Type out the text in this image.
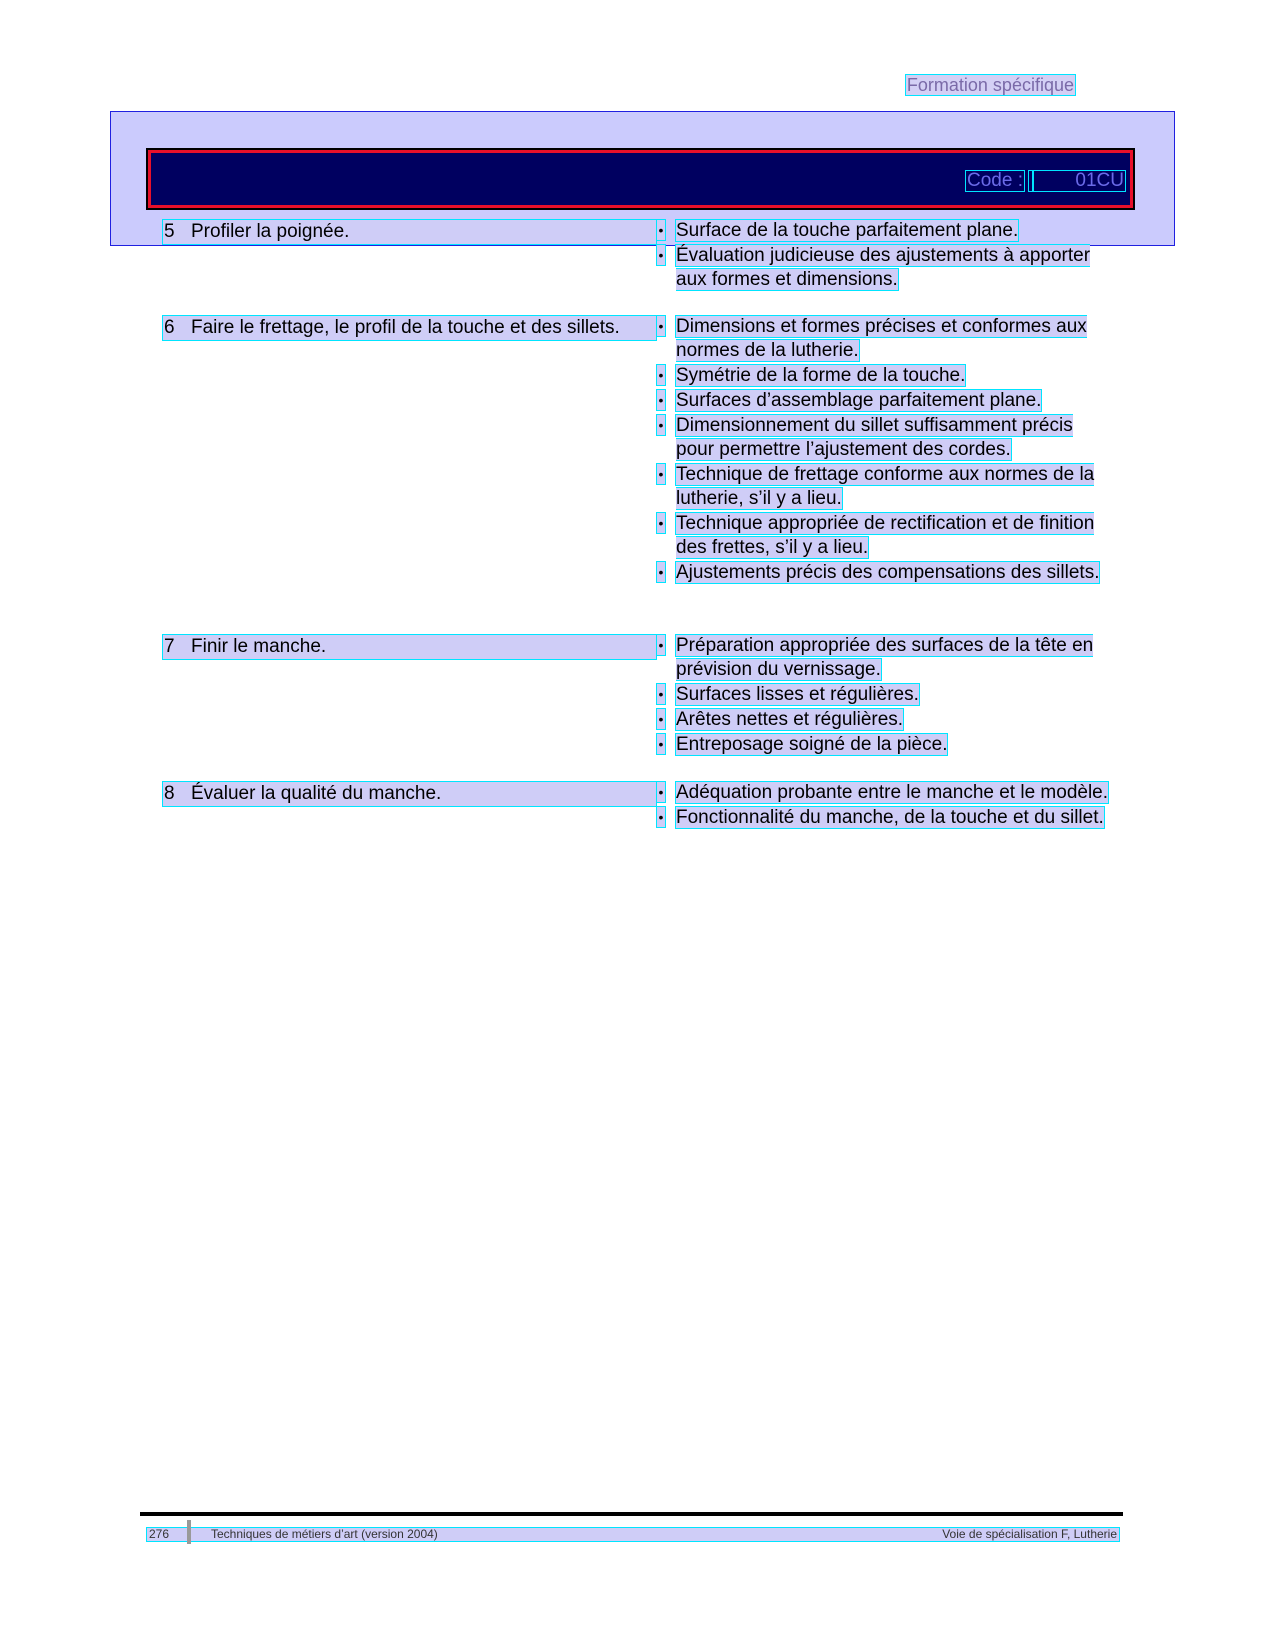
Formation spécifique
Code :	01CU
5 Profiler la poignée.	• Surface de la touche parfaitement plane.
• Évaluation judicieuse des ajustements à apporter aux formes et dimensions.
6 Faire le frettage, le profil de la touche et des sillets.	• Dimensions et formes précises et conformes aux normes de la lutherie.
• Symétrie de la forme de la touche.
• Surfaces d’assemblage parfaitement plane.
• Dimensionnement du sillet suffisamment précis pour permettre l’ajustement des cordes.
• Technique de frettage conforme aux normes de la lutherie, s’il y a lieu.
• Technique appropriée de rectification et de finition des frettes, s’il y a lieu.
• Ajustements précis des compensations des sillets.
7 Finir le manche.	• Préparation appropriée des surfaces de la tête en prévision du vernissage.
• Surfaces lisses et régulières.
• Arêtes nettes et régulières.
• Entreposage soigné de la pièce.
8 Évaluer la qualité du manche.	• Adéquation probante entre le manche et le modèle.
• Fonctionnalité du manche, de la touche et du sillet.
276	Techniques de métiers d’art (version 2004)	Voie de spécialisation F, Lutherie
